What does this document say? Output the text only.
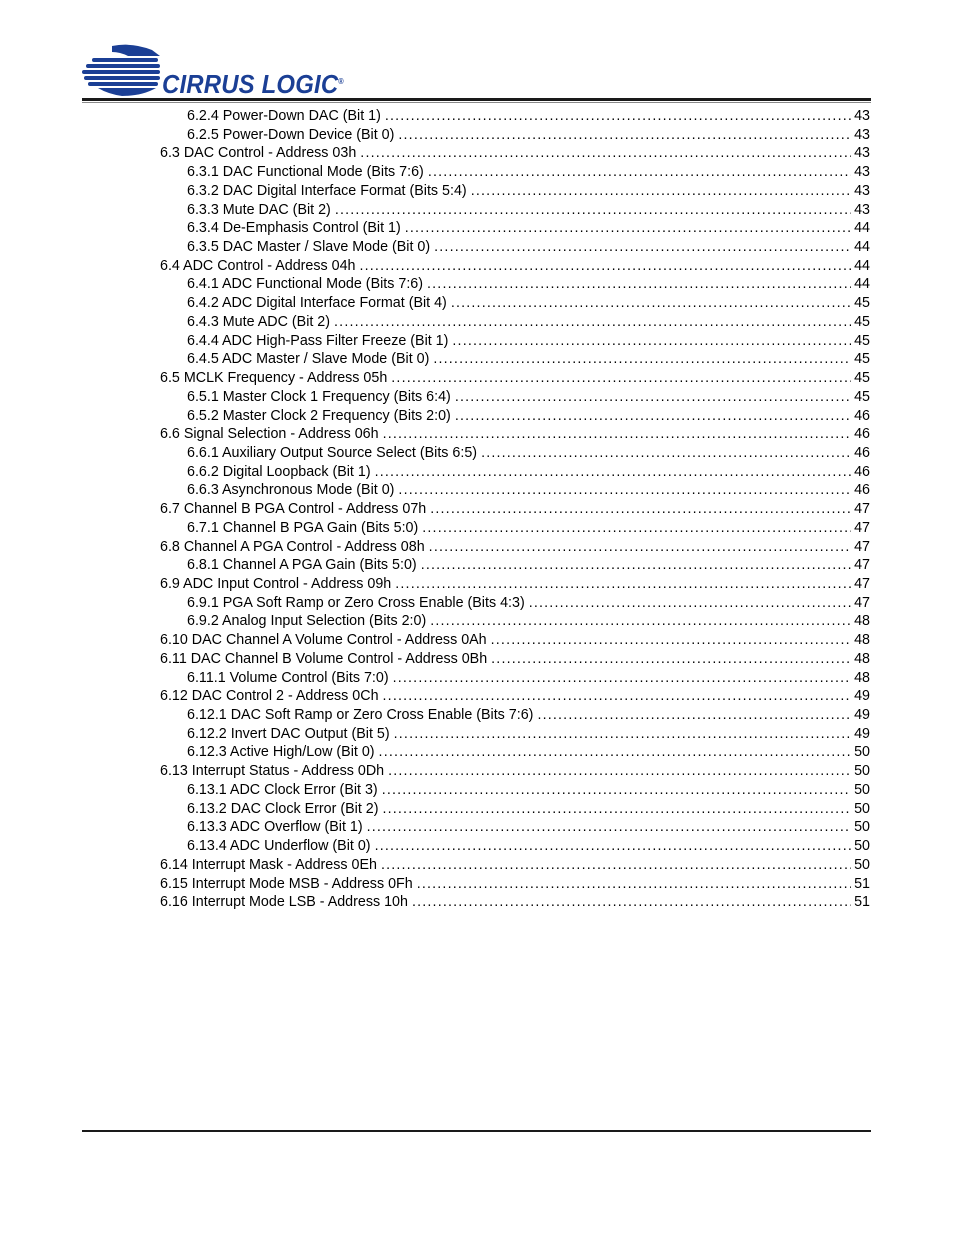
CIRRUS LOGIC®
6.2.4 Power-Down DAC (Bit 1) . . .	43
6.2.5 Power-Down Device (Bit 0) . . .	43
6.3 DAC Control - Address 03h . . .	43
6.3.1 DAC Functional Mode (Bits 7:6) . . .	43
6.3.2 DAC Digital Interface Format (Bits 5:4) . . .	43
6.3.3 Mute DAC (Bit 2) . . .	43
6.3.4 De-Emphasis Control (Bit 1) . . .	44
6.3.5 DAC Master / Slave Mode (Bit 0) . . .	44
6.4 ADC Control - Address 04h . . .	44
6.4.1 ADC Functional Mode (Bits 7:6) . . .	44
6.4.2 ADC Digital Interface Format (Bit 4) . . .	45
6.4.3 Mute ADC (Bit 2) . . .	45
6.4.4 ADC High-Pass Filter Freeze (Bit 1) . . .	45
6.4.5 ADC Master / Slave Mode (Bit 0) . . .	45
6.5 MCLK Frequency - Address 05h . . .	45
6.5.1 Master Clock 1 Frequency (Bits 6:4) . . .	45
6.5.2 Master Clock 2 Frequency (Bits 2:0) . . .	46
6.6 Signal Selection - Address 06h . . .	46
6.6.1 Auxiliary Output Source Select (Bits 6:5) . . .	46
6.6.2 Digital Loopback (Bit 1) . . .	46
6.6.3 Asynchronous Mode (Bit 0) . . .	46
6.7 Channel B PGA Control - Address 07h . . .	47
6.7.1 Channel B PGA Gain (Bits 5:0) . . .	47
6.8 Channel A PGA Control - Address 08h . . .	47
6.8.1 Channel A PGA Gain (Bits 5:0) . . .	47
6.9 ADC Input Control - Address 09h . . .	47
6.9.1 PGA Soft Ramp or Zero Cross Enable (Bits 4:3) . . .	47
6.9.2 Analog Input Selection (Bits 2:0) . . .	48
6.10 DAC Channel A Volume Control - Address 0Ah . . .	48
6.11 DAC Channel B Volume Control - Address 0Bh . . .	48
6.11.1 Volume Control (Bits 7:0) . . .	48
6.12 DAC Control 2 - Address 0Ch . . .	49
6.12.1 DAC Soft Ramp or Zero Cross Enable (Bits 7:6) . . .	49
6.12.2 Invert DAC Output (Bit 5) . . .	49
6.12.3 Active High/Low (Bit 0) . . .	50
6.13 Interrupt Status - Address 0Dh . . .	50
6.13.1 ADC Clock Error (Bit 3) . . .	50
6.13.2 DAC Clock Error (Bit 2) . . .	50
6.13.3 ADC Overflow (Bit 1) . . .	50
6.13.4 ADC Underflow (Bit 0) . . .	50
6.14 Interrupt Mask - Address 0Eh . . .	50
6.15 Interrupt Mode MSB - Address 0Fh . . .	51
6.16 Interrupt Mode LSB - Address 10h . . .	51
